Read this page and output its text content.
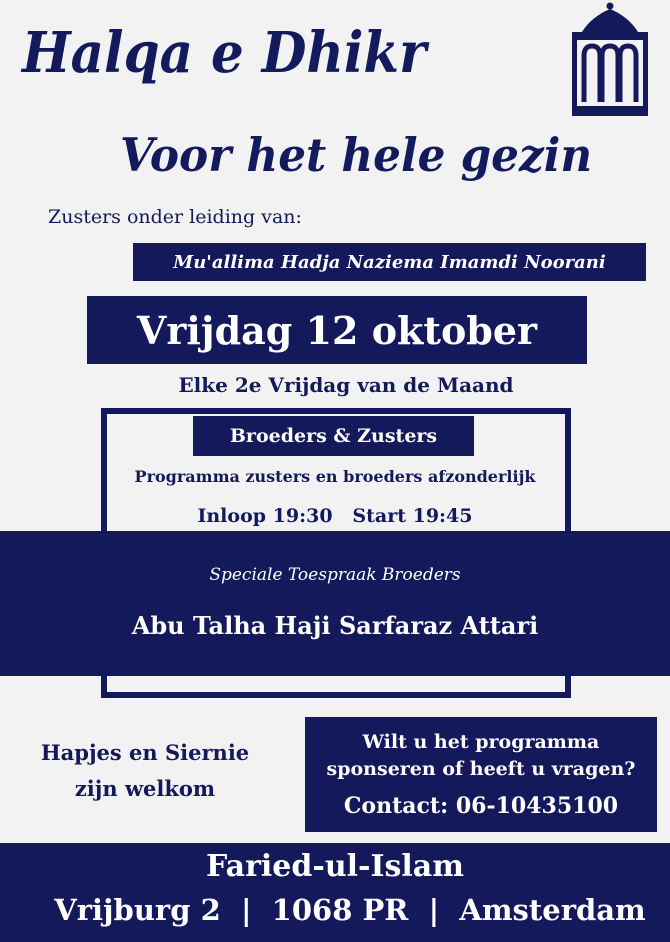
Halqa e Dhikr
Voor het hele gezin
Zusters onder leiding van:
Mu'allima Hadja Naziema Imamdi Noorani
Vrijdag 12 oktober
Elke 2e Vrijdag van de Maand
Broeders & Zusters
Programma zusters en broeders afzonderlijk
Inloop 19:30   Start 19:45
Speciale Toespraak Broeders
Abu Talha Haji Sarfaraz Attari
Hapjes en Siernie
zijn welkom
Wilt u het programma
sponseren of heeft u vragen?
Contact: 06-10435100
Faried-ul-Islam
Vrijburg 2  |  1068 PR  |  Amsterdam
